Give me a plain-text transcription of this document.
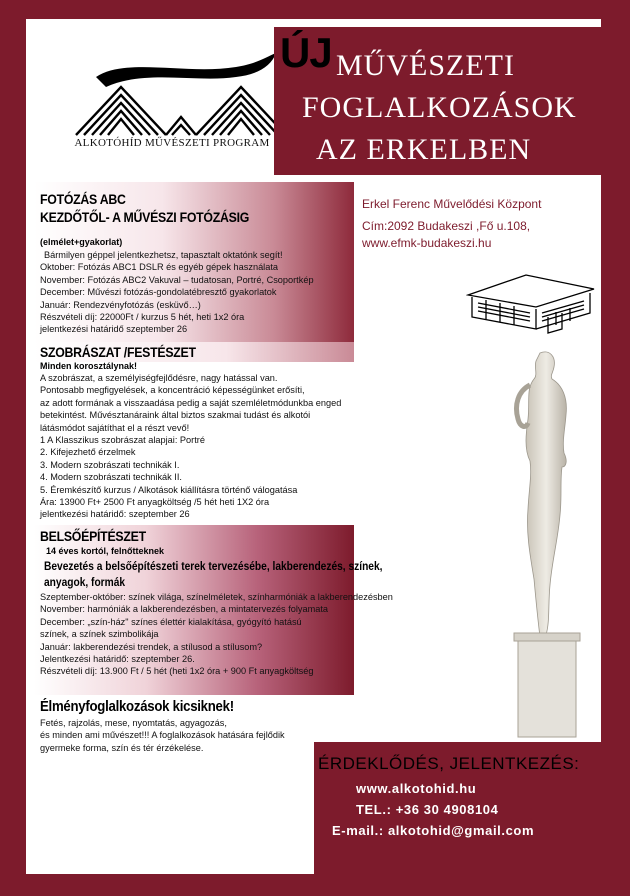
ALKOTÓHÍD MŰVÉSZETI PROGRAM
ÚJ MŰVÉSZETI
FOGLALKOZÁSOK
AZ ERKELBEN
FOTÓZÁS ABC
KEZDŐTŐL- A MŰVÉSZI FOTÓZÁSIG
(elmélet+gyakorlat)
Bármilyen géppel jelentkezhetsz, tapasztalt oktatónk segít!
Oktober: Fotózás ABC1 DSLR és egyéb gépek használata
November: Fotózás ABC2 Vakuval – tudatosan, Portré, Csoportkép
December: Művészi fotózás-gondolatébresztő gyakorlatok
Január: Rendezvényfotózás (esküvő…)
Részvételi díj: 22000Ft / kurzus 5 hét, heti 1x2 óra
jelentkezési határidő szeptember 26
SZOBRÁSZAT /FESTÉSZET
Minden korosztálynak!
A szobrászat, a személyiségfejlődésre, nagy hatással van.
Pontosabb megfigyelések, a koncentráció képességünket erősíti,
az adott formának a visszaadása pedig a saját szemléletmódunkba enged
betekintést. Művésztanáraink által biztos szakmai tudást és alkotói
látásmódot sajátíthat el a részt vevő!
1 A Klasszikus szobrászat alapjai: Portré
2. Kifejezhető érzelmek
3. Modern szobrászati technikák I.
4. Modern szobrászati technikák II.
5. Éremkészítő kurzus / Alkotások kiállításra történő válogatása
Ára: 13900 Ft+ 2500 Ft anyagköltség /5 hét heti 1X2 óra
jelentkezési határidő: szeptember 26
BELSŐÉPÍTÉSZET
14 éves kortól, felnőtteknek
Bevezetés a belsőépítészeti terek tervezésébe, lakberendezés, színek,
anyagok, formák
Szeptember-október: színek világa, színelméletek, színharmóniák a lakberendezésben
November: harmóniák a lakberendezésben, a mintatervezés folyamata
December: „szín-ház" színes élettér kialakítása, gyógyító hatású
színek, a színek szimbolikája
Január: lakberendezési trendek, a stílusod a stílusom?
Jelentkezési határidő: szeptember 26.
Részvételi díj: 13.900 Ft / 5 hét (heti 1x2 óra + 900 Ft anyagköltség
Élményfoglalkozások kicsiknek!
Fetés, rajzolás, mese, nyomtatás, agyagozás,
és minden ami művészet!!! A foglalkozások hatására fejlődik
gyermeke forma, szín és tér érzékelése.
Erkel Ferenc Művelődési Központ
Cím:2092 Budakeszi ,Fő u.108,
www.efmk-budakeszi.hu
ÉRDEKLŐDÉS, JELENTKEZÉS:
www.alkotohid.hu
TEL.: +36 30 4908104
E-mail.: alkotohid@gmail.com
